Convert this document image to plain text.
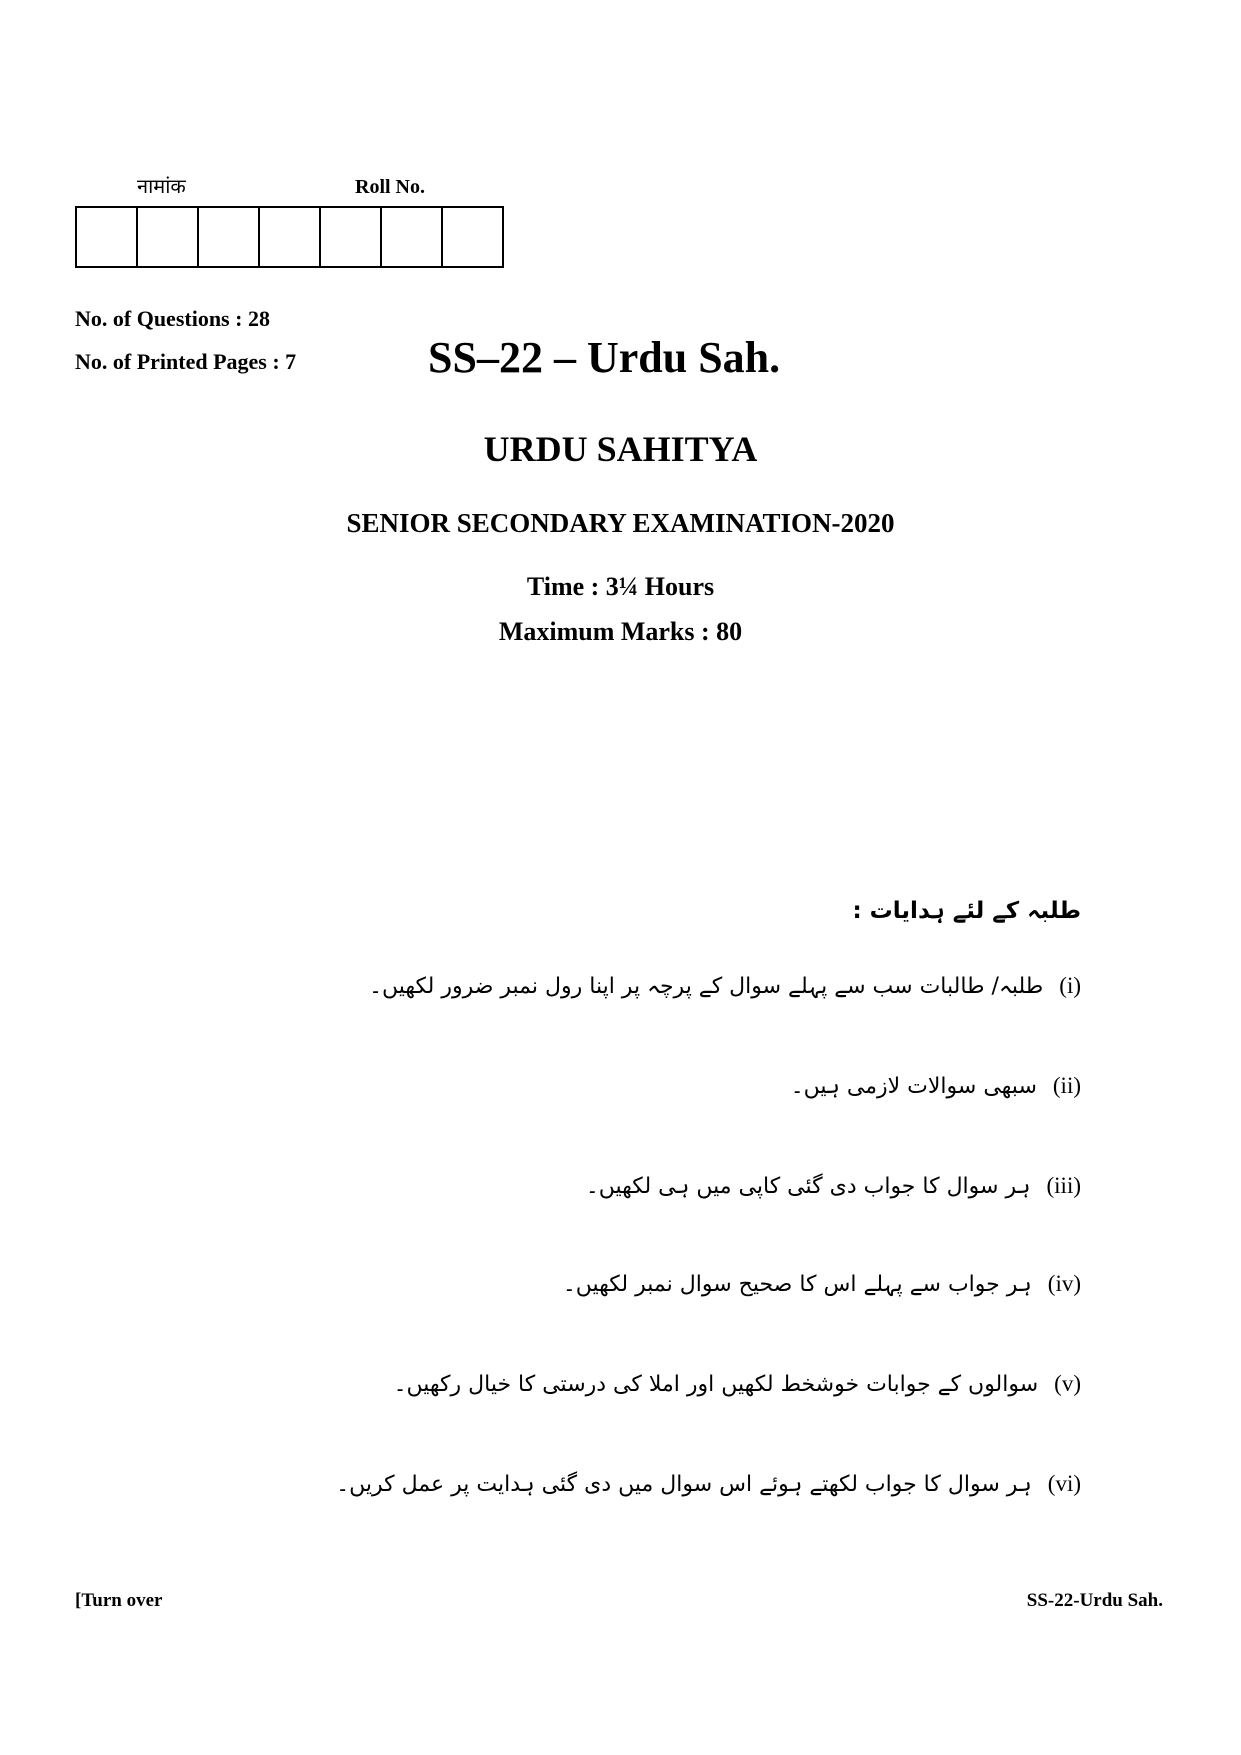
नामांक	Roll No.
No. of Questions : 28
No. of Printed Pages : 7	SS–22 – Urdu Sah.
URDU SAHITYA
SENIOR SECONDARY EXAMINATION-2020
Time : 3¼ Hours
Maximum Marks : 80
طلبہ کے لئے ہدایات :
(i)طلبہ/ طالبات سب سے پہلے سوال کے پرچہ پر اپنا رول نمبر ضرور لکھیں۔
(ii)سبھی سوالات لازمی ہیں۔
(iii)ہر سوال کا جواب دی گئی کاپی میں ہی لکھیں۔
(iv)ہر جواب سے پہلے اس کا صحیح سوال نمبر لکھیں۔
(v)سوالوں کے جوابات خوشخط لکھیں اور املا کی درستی کا خیال رکھیں۔
(vi)ہر سوال کا جواب لکھتے ہوئے اس سوال میں دی گئی ہدایت پر عمل کریں۔
[Turn over	SS-22-Urdu Sah.
